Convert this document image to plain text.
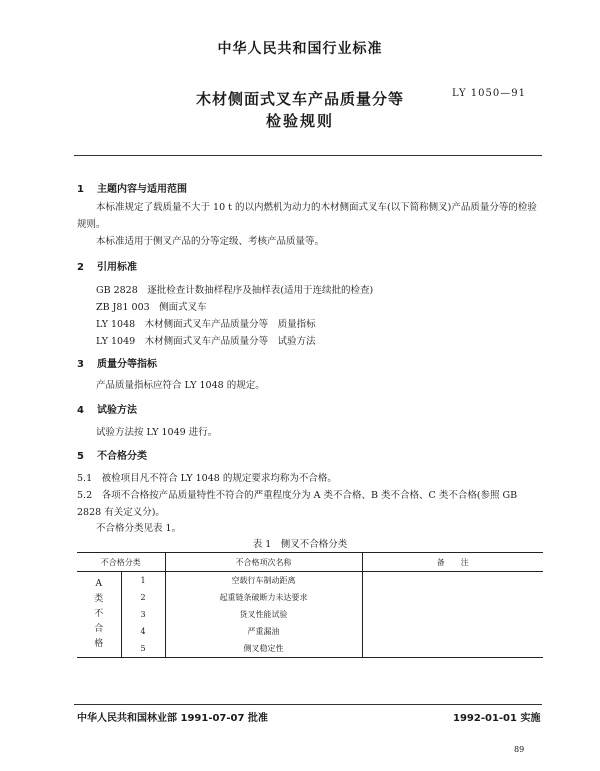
中华人民共和国行业标准
木材侧面式叉车产品质量分等
检验规则
LY 1050—91
1 主题内容与适用范围
本标准规定了载质量不大于 10 t 的以内燃机为动力的木材侧面式叉车(以下简称侧叉)产品质量分等的检验规则。
本标准适用于侧叉产品的分等定级、考核产品质量等。
2 引用标准
GB 2828　逐批检查计数抽样程序及抽样表(适用于连续批的检查)
ZB J81 003　侧面式叉车
LY 1048　木材侧面式叉车产品质量分等　质量指标
LY 1049　木材侧面式叉车产品质量分等　试验方法
3 质量分等指标
产品质量指标应符合 LY 1048 的规定。
4 试验方法
试验方法按 LY 1049 进行。
5 不合格分类
5.1　 被检项目凡不符合 LY 1048 的规定要求均称为不合格。
5.2　 各项不合格按产品质量特性不符合的严重程度分为 A 类不合格、B 类不合格、C 类不合格(参照 GB 2828 有关定义分)。
不合格分类见表 1。
表 1　侧叉不合格分类
不合格分类		不合格项次名称	备　　注

A
类
不
合
格	1	空载行车制动距离	
	2	起重链条破断力未达要求	
	3	货叉性能试验	
	4	严重漏油	
	5	侧叉稳定性	
中华人民共和国林业部 1991-07-07 批准	1992-01-01 实施
89
